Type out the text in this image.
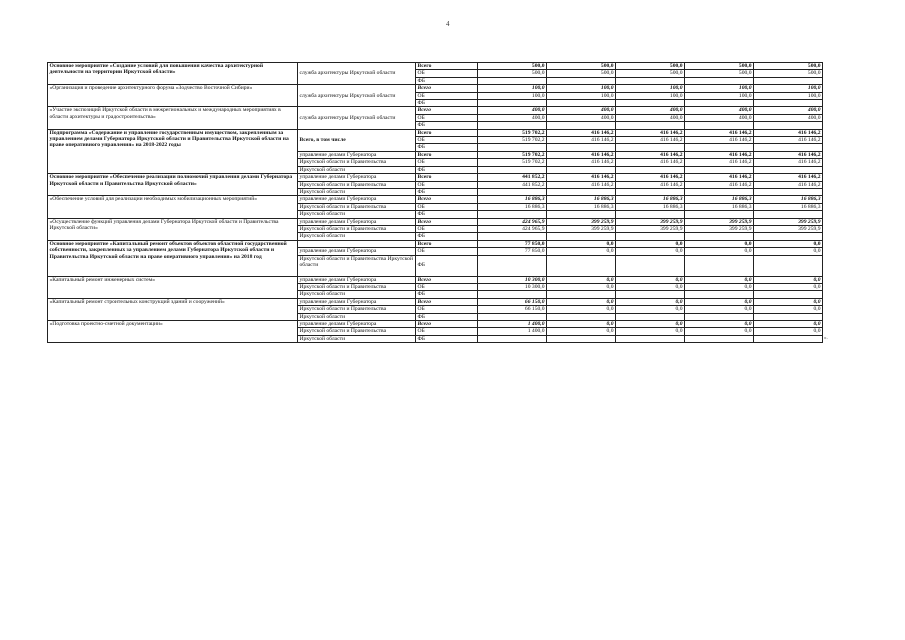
4
Основное мероприятие «Создание условий для повышения качества архитектурной деятельности на территории Иркутской области»	служба архитектуры Иркутской области	Всего	500,0	500,0	500,0	500,0	500,0
		ОБ	500,0	500,0	500,0	500,0	500,0
		ФБ					
«Организация и проведение архитектурного форума «Зодчество Восточной Сибири»	служба архитектуры Иркутской области	Всего	100,0	100,0	100,0	100,0	100,0
		ОБ	100,0	100,0	100,0	100,0	100,0
		ФБ					
«Участие экспозиций Иркутской области в межрегиональных и международных мероприятиях в области архитектуры и градостроительства»	служба архитектуры Иркутской области	Всего	400,0	400,0	400,0	400,0	400,0
		ОБ	400,0	400,0	400,0	400,0	400,0
		ФБ					
Подпрограмма «Содержание и управление государственным имуществом, закрепленным за управлением делами Губернатора Иркутской области и Правительства Иркутской области на праве оперативного управления» на 2018-2022 годы	Всего, в том числе	Всего	519 702,2	416 146,2	416 146,2	416 146,2	416 146,2
		ОБ	519 702,2	416 146,2	416 146,2	416 146,2	416 146,2
		ФБ					
	управление делами Губернатора	Всего	519 702,2	416 146,2	416 146,2	416 146,2	416 146,2
	Иркутской области и Правительства	ОБ	519 702,2	416 146,2	416 146,2	416 146,2	416 146,2
	Иркутской области	ФБ					
Основное мероприятие «Обеспечение реализации полномочий управления делами Губернатора Иркутской области и Правительства Иркутской области»	управление делами Губернатора	Всего	441 852,2	416 146,2	416 146,2	416 146,2	416 146,2
	Иркутской области и Правительства	ОБ	441 852,2	416 146,2	416 146,2	416 146,2	416 146,2
	Иркутской области	ФБ					
«Обеспечение условий для реализации необходимых мобилизационных мероприятий»	управление делами Губернатора	Всего	16 886,3	16 886,3	16 886,3	16 886,3	16 886,3
	Иркутской области и Правительства	ОБ	16 886,3	16 886,3	16 886,3	16 886,3	16 886,3
	Иркутской области	ФБ					
«Осуществление функций управления делами Губернатора Иркутской области и Правительства Иркутской области»	управление делами Губернатора	Всего	424 965,9	399 259,9	399 259,9	399 259,9	399 259,9
	Иркутской области и Правительства	ОБ	424 965,9	399 259,9	399 259,9	399 259,9	399 259,9
	Иркутской области	ФБ					
Основное мероприятие «Капитальный ремонт объектов объектов областной государственной собственности, закрепленных за управлением делами Губернатора Иркутской области и Правительства Иркутской области на праве оперативного управления» на 2018 год		Всего	77 850,0	0,0	0,0	0,0	0,0
	управление делами Губернатора	ОБ	77 850,0	0,0	0,0	0,0	0,0
	Иркутской области и Правительства Иркутской области	ФБ					
«Капитальный ремонт инженерных систем»	управление делами Губернатора	Всего	10 300,0	0,0	0,0	0,0	0,0
	Иркутской области и Правительства	ОБ	10 300,0	0,0	0,0	0,0	0,0
	Иркутской области	ФБ					
«Капитальный ремонт строительных конструкций зданий и сооружений»	управление делами Губернатора	Всего	66 150,0	0,0	0,0	0,0	0,0
	Иркутской области и Правительства	ОБ	66 150,0	0,0	0,0	0,0	0,0
	Иркутской области	ФБ					
«Подготовка проектно-сметной документации»	управление делами Губернатора	Всего	1 400,0	0,0	0,0	0,0	0,0
	Иркутской области и Правительства	ОБ	1 400,0	0,0	0,0	0,0	0,0
	Иркутской области	ФБ						».
